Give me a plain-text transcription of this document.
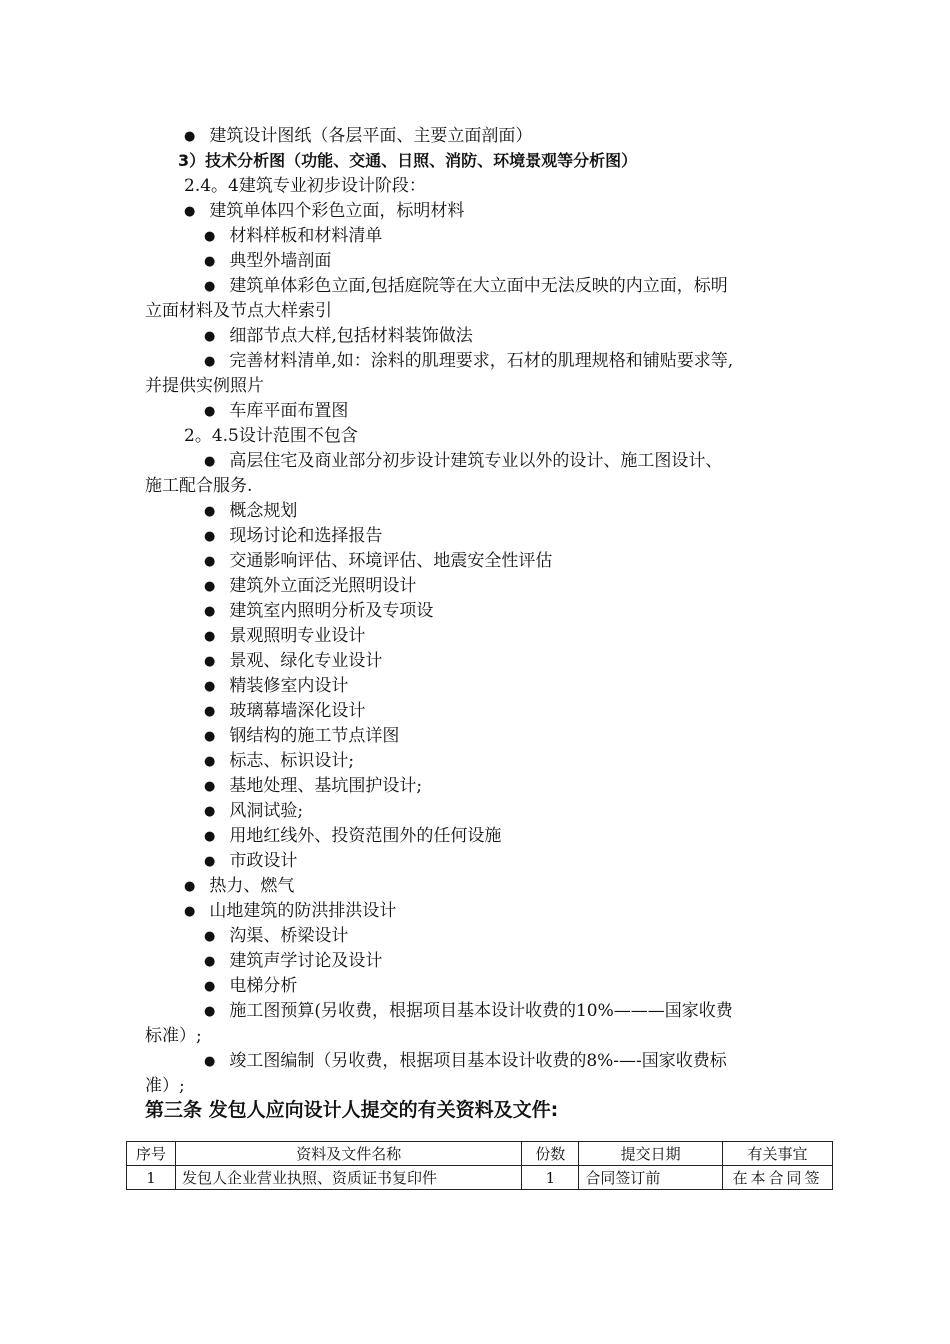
● 建筑设计图纸（各层平面、主要立面剖面）
3）技术分析图（功能、交通、日照、消防、环境景观等分析图）
2.4。4建筑专业初步设计阶段：
● 建筑单体四个彩色立面，标明材料
● 材料样板和材料清单
● 典型外墙剖面
● 建筑单体彩色立面,包括庭院等在大立面中无法反映的内立面，标明
立面材料及节点大样索引
● 细部节点大样,包括材料装饰做法
● 完善材料清单,如：涂料的肌理要求，石材的肌理规格和铺贴要求等,
并提供实例照片
● 车库平面布置图
2。4.5设计范围不包含
● 高层住宅及商业部分初步设计建筑专业以外的设计、施工图设计、
施工配合服务.
● 概念规划
● 现场讨论和选择报告
● 交通影响评估、环境评估、地震安全性评估
● 建筑外立面泛光照明设计
● 建筑室内照明分析及专项设
● 景观照明专业设计
● 景观、绿化专业设计
● 精装修室内设计
● 玻璃幕墙深化设计
● 钢结构的施工节点详图
● 标志、标识设计;
● 基地处理、基坑围护设计;
● 风洞试验;
● 用地红线外、投资范围外的任何设施
● 市政设计
● 热力、燃气
● 山地建筑的防洪排洪设计
● 沟渠、桥梁设计
● 建筑声学讨论及设计
● 电梯分析
● 施工图预算(另收费，根据项目基本设计收费的10%———国家收费
标准）;
● 竣工图编制（另收费，根据项目基本设计收费的8%-—-国家收费标
准）;
第三条 发包人应向设计人提交的有关资料及文件:
序号	资料及文件名称	份数	提交日期	有关事宜
1	发包人企业营业执照、资质证书复印件	1	合同签订前	在本合同签
